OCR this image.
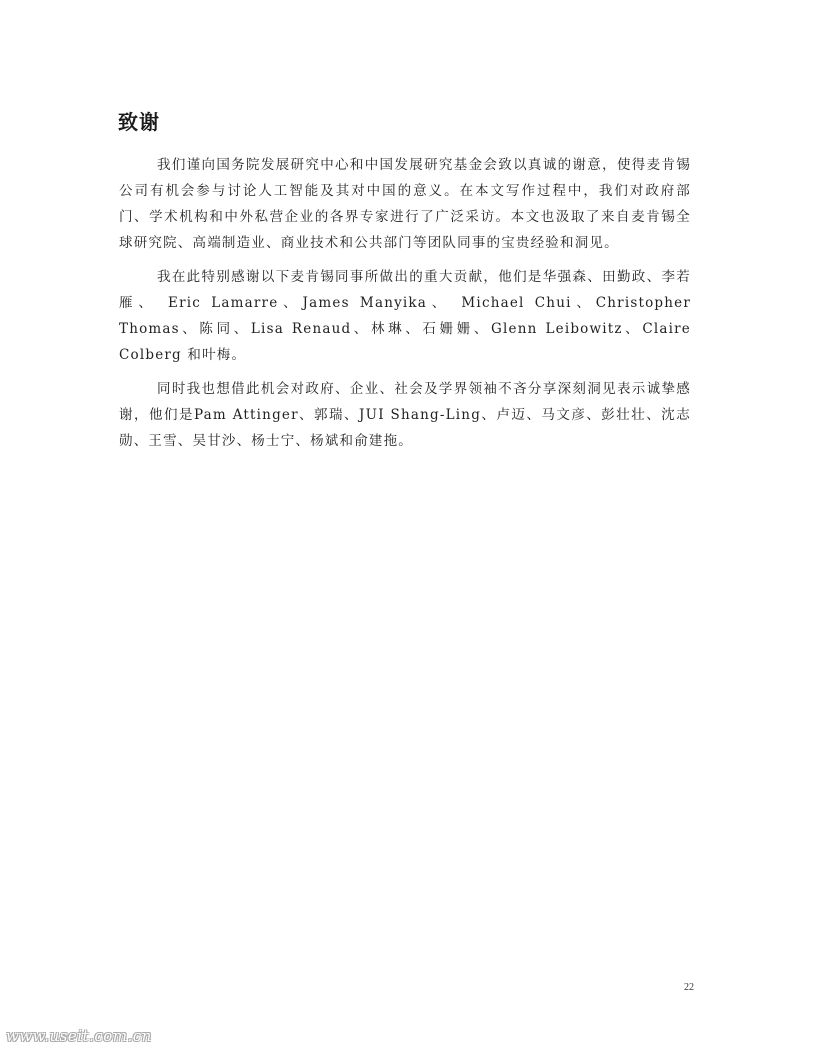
致谢

我们谨向国务院发展研究中心和中国发展研究基金会致以真诚的谢意，使得麦肯锡公司有机会参与讨论人工智能及其对中国的意义。在本文写作过程中，我们对政府部门、学术机构和中外私营企业的各界专家进行了广泛采访。本文也汲取了来自麦肯锡全球研究院、高端制造业、商业技术和公共部门等团队同事的宝贵经验和洞见。

我在此特别感谢以下麦肯锡同事所做出的重大贡献，他们是华强森、田勤政、李若雁、 Eric Lamarre、James Manyika、 Michael Chui、Christopher Thomas、陈同、Lisa Renaud、林琳、石姗姗、Glenn Leibowitz、Claire Colberg 和叶梅。

同时我也想借此机会对政府、企业、社会及学界领袖不吝分享深刻洞见表示诚挚感谢，他们是Pam Attinger、郭瑞、JUI Shang-Ling、卢迈、马文彦、彭壮壮、沈志勋、王雪、吴甘沙、杨士宁、杨斌和俞建拖。

22
www.useit.com.cn
